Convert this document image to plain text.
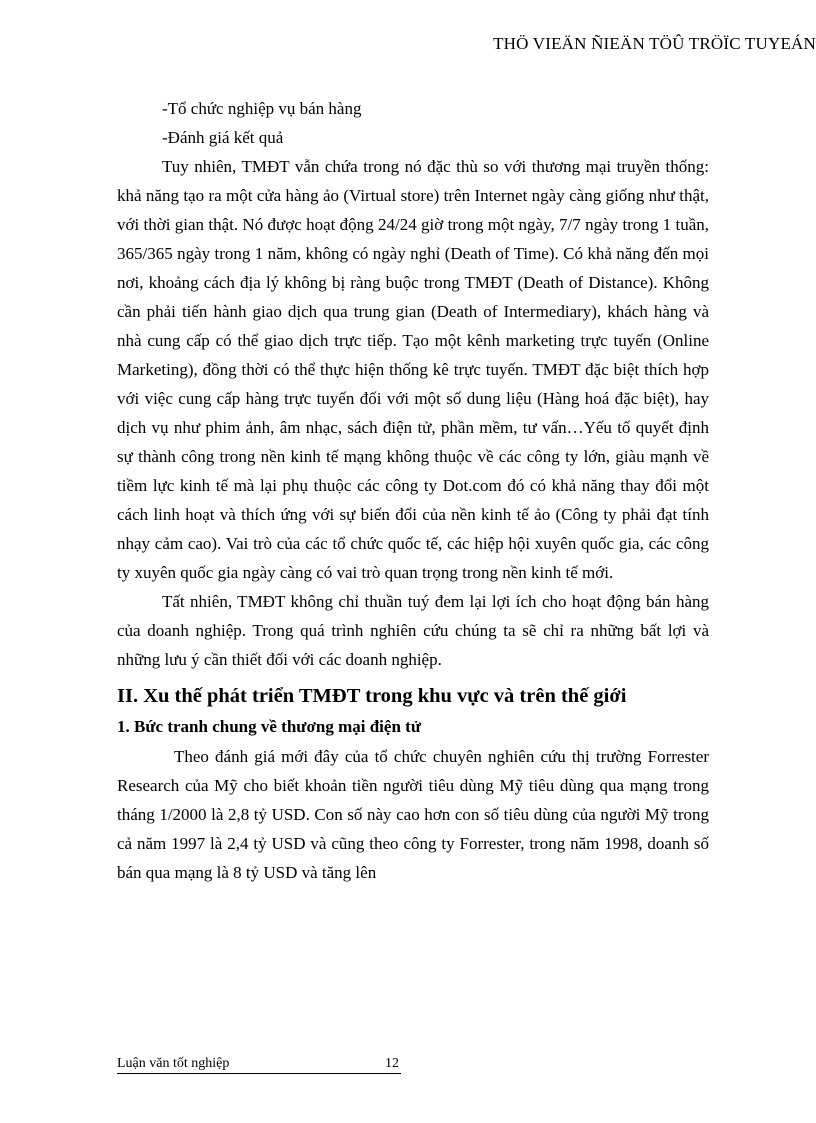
THÖ VIEÄN ÑIEÄN TÖÛ TRÖÏC TUYEÁN

-Tổ chức nghiệp vụ bán hàng

-Đánh giá kết quả

Tuy nhiên, TMĐT vẫn chứa trong nó đặc thù so với thương mại truyền thống: khả năng tạo ra một cửa hàng ảo (Virtual store) trên Internet ngày càng giống như thật, với thời gian thật. Nó được hoạt động 24/24 giờ trong một ngày, 7/7 ngày trong 1 tuần, 365/365 ngày trong 1 năm, không có ngày nghỉ (Death of Time). Có khả năng đến mọi nơi, khoảng cách địa lý không bị ràng buộc trong TMĐT (Death of Distance). Không cần phải tiến hành giao dịch qua trung gian (Death of Intermediary), khách hàng và nhà cung cấp có thể giao dịch trực tiếp. Tạo một kênh marketing trực tuyến (Online Marketing), đồng thời có thể thực hiện thống kê trực tuyến. TMĐT đặc biệt thích hợp với việc cung cấp hàng trực tuyến đối với một số dung liệu (Hàng hoá đặc biệt), hay dịch vụ như phim ảnh, âm nhạc, sách điện tử, phần mềm, tư vấn…Yếu tố quyết định sự thành công trong nền kinh tế mạng không thuộc về các công ty lớn, giàu mạnh về tiềm lực kinh tế mà lại phụ thuộc các công ty Dot.com đó có khả năng thay đổi một cách linh hoạt và thích ứng với sự biến đổi của nền kinh tế ảo (Công ty phải đạt tính nhạy cảm cao). Vai trò của các tổ chức quốc tế, các hiệp hội xuyên quốc gia, các công ty xuyên quốc gia ngày càng có vai trò quan trọng trong nền kinh tế mới.

Tất nhiên, TMĐT không chỉ thuần tuý đem lại lợi ích cho hoạt động bán hàng của doanh nghiệp. Trong quá trình nghiên cứu chúng ta sẽ chỉ ra những bất lợi và những lưu ý cần thiết đối với các doanh nghiệp.

II. Xu thế phát triển TMĐT trong khu vực và trên thế giới
1. Bức tranh chung về thương mại điện tử

Theo đánh giá mới đây của tổ chức chuyên nghiên cứu thị trường Forrester Research của Mỹ cho biết khoản tiền người tiêu dùng Mỹ tiêu dùng qua mạng trong tháng 1/2000 là 2,8 tỷ USD. Con số này cao hơn con số tiêu dùng của người Mỹ trong cả năm 1997 là 2,4 tỷ USD và cũng theo công ty Forrester, trong năm 1998, doanh số bán qua mạng là 8 tỷ USD và tăng lên

Luận văn tốt nghiệp	12
